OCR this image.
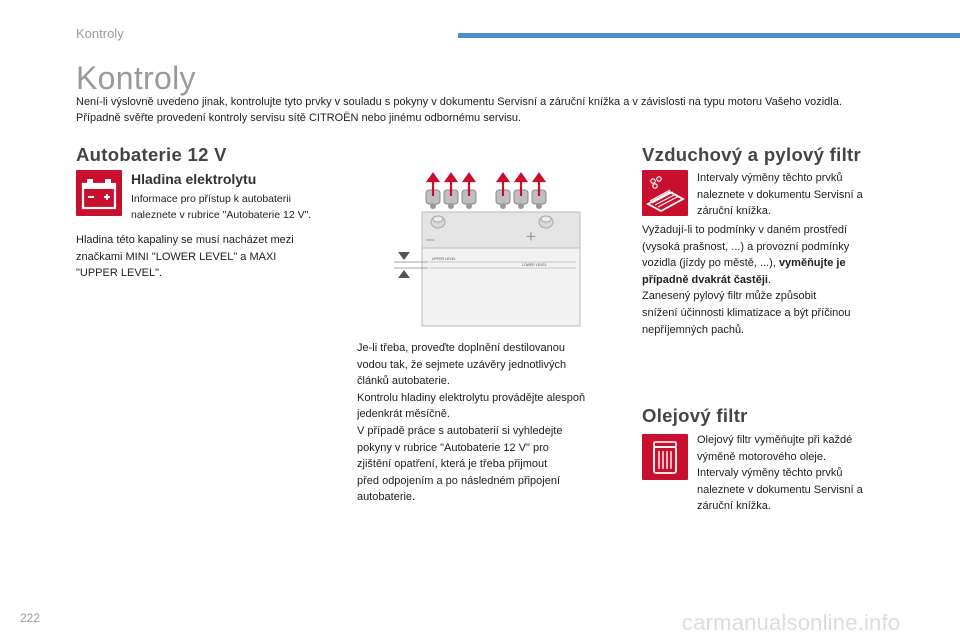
Kontroly
Kontroly
Není-li výslovně uvedeno jinak, kontrolujte tyto prvky v souladu s pokyny v dokumentu Servisní a záruční knížka a v závislosti na typu motoru Vašeho vozidla.
Případně svěřte provedení kontroly servisu sítě CITROËN nebo jinému odbornému servisu.
Autobaterie 12 V
Hladina elektrolytu
Informace pro přístup k autobaterii
naleznete v rubrice "Autobaterie 12 V".
Hladina této kapaliny se musí nacházet mezi
značkami MINI "LOWER LEVEL" a MAXI
"UPPER LEVEL".
–	+
UPPER LEVEL
LOWER LEVEL
Je-li třeba, proveďte doplnění destilovanou
vodou tak, že sejmete uzávěry jednotlivých
článků autobaterie.
Kontrolu hladiny elektrolytu provádějte alespoň
jedenkrát měsíčně.
V případě práce s autobaterií si vyhledejte
pokyny v rubrice "Autobaterie 12 V" pro
zjištění opatření, která je třeba přijmout
před odpojením a po následném připojení
autobaterie.
Vzduchový a pylový filtr
Intervaly výměny těchto prvků
naleznete v dokumentu Servisní a
záruční knížka.
Vyžadují-li to podmínky v daném prostředí
(vysoká prašnost, ...) a provozní podmínky
vozidla (jízdy po městě, ...), vyměňujte je
případně dvakrát častěji.
Zanesený pylový filtr může způsobit
snížení účinnosti klimatizace a být příčinou
nepříjemných pachů.
Olejový filtr
Olejový filtr vyměňujte při každé
výměně motorového oleje.
Intervaly výměny těchto prvků
naleznete v dokumentu Servisní a
záruční knížka.
222	carmanualsonline.info
